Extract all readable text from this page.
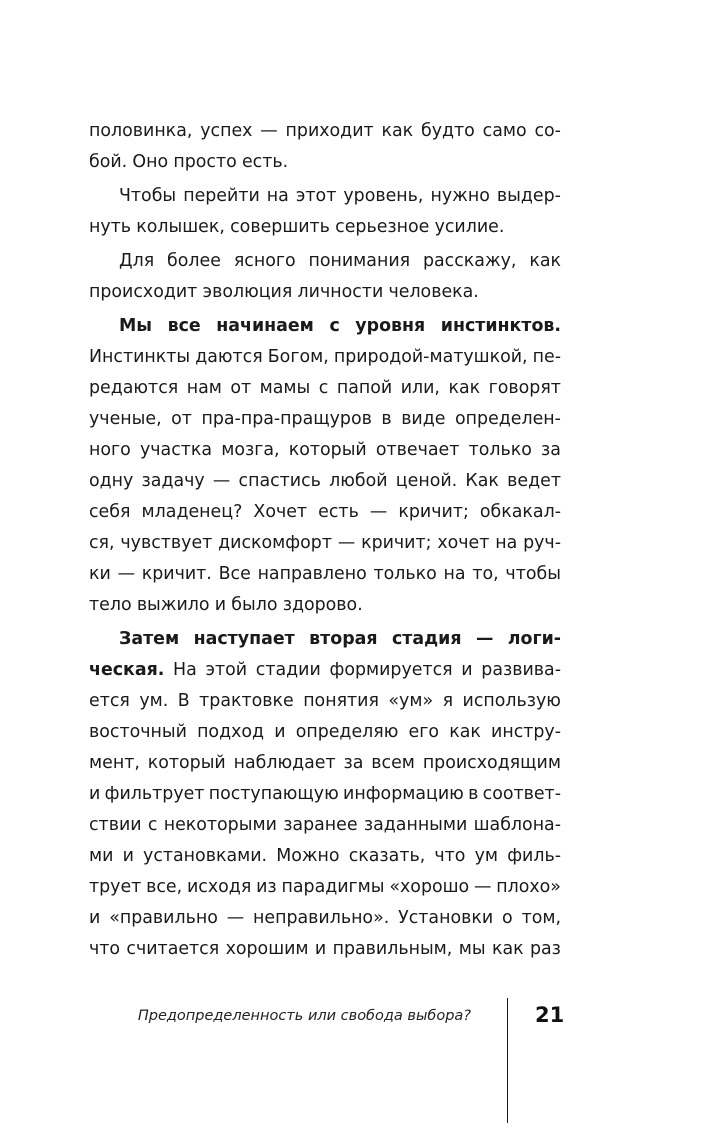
половинка, успех — приходит как будто само со-
бой. Оно просто есть.
Чтобы перейти на этот уровень, нужно выдер-
нуть колышек, совершить серьезное усилие.
Для более ясного понимания расскажу, как
происходит эволюция личности человека.
Мы все начинаем с уровня инстинктов.
Инстинкты даются Богом, природой-матушкой, пе-
редаются нам от мамы с папой или, как говорят
ученые, от пра-пра-пращуров в виде определен-
ного участка мозга, который отвечает только за
одну задачу — спастись любой ценой. Как ведет
себя младенец? Хочет есть — кричит; обкакал-
ся, чувствует дискомфорт — кричит; хочет на руч-
ки — кричит. Все направлено только на то, чтобы
тело выжило и было здорово.
Затем наступает вторая стадия — логи-
ческая. На этой стадии формируется и развива-
ется ум. В трактовке понятия «ум» я использую
восточный подход и определяю его как инстру-
мент, который наблюдает за всем происходящим
и фильтрует поступающую информацию в соответ-
ствии с некоторыми заранее заданными шаблона-
ми и установками. Можно сказать, что ум филь-
трует все, исходя из парадигмы «хорошо — плохо»
и «правильно — неправильно». Установки о том,
что считается хорошим и правильным, мы как раз
Предопределенность или свобода выбора?	21
